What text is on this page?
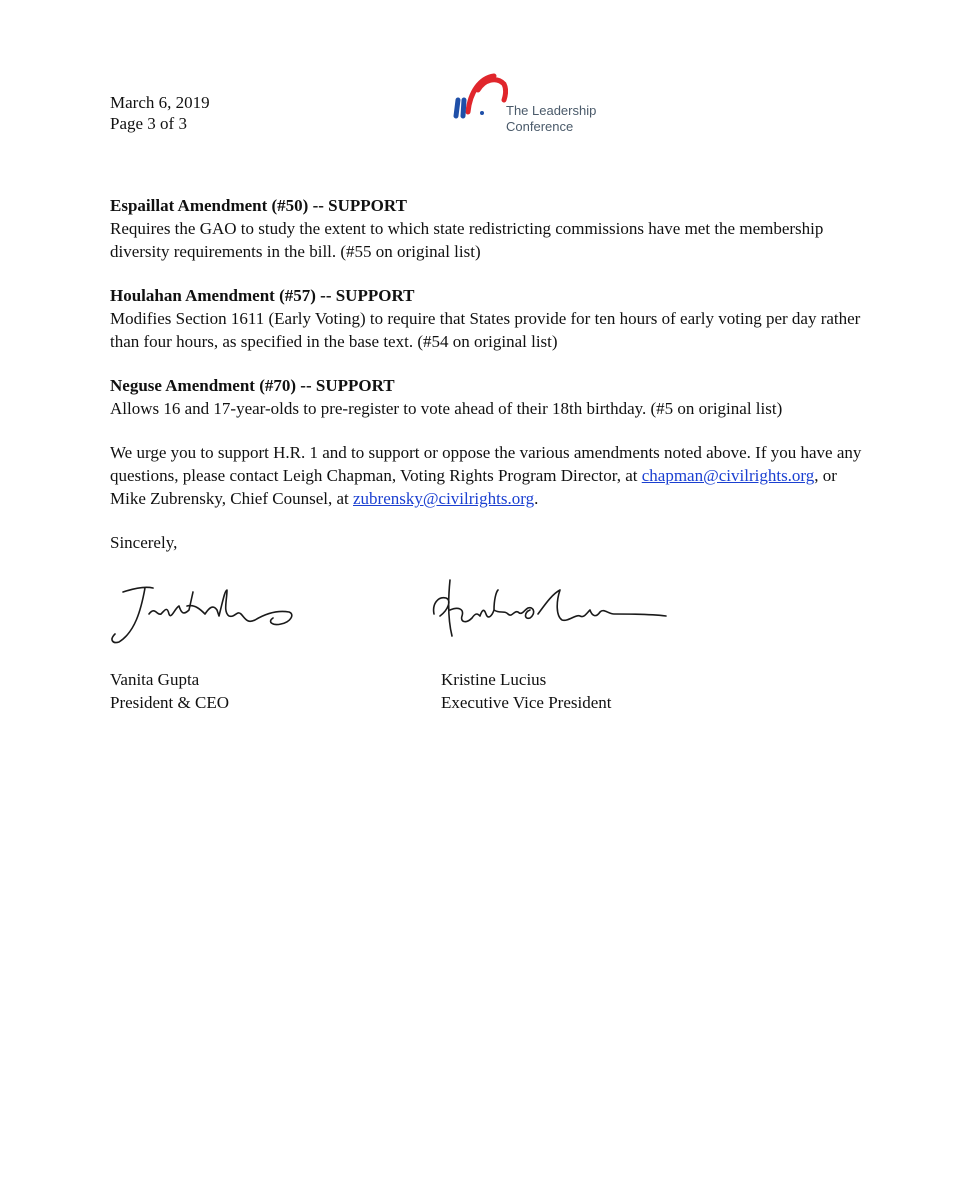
March 6, 2019
Page 3 of 3
The Leadership
Conference
Espaillat Amendment (#50) -- SUPPORT
Requires the GAO to study the extent to which state redistricting commissions have met the membership diversity requirements in the bill. (#55 on original list)
Houlahan Amendment (#57) -- SUPPORT
Modifies Section 1611 (Early Voting) to require that States provide for ten hours of early voting per day rather than four hours, as specified in the base text. (#54 on original list)
Neguse Amendment (#70) -- SUPPORT
Allows 16 and 17-year-olds to pre-register to vote ahead of their 18th birthday. (#5 on original list)
We urge you to support H.R. 1 and to support or oppose the various amendments noted above. If you have any questions, please contact Leigh Chapman, Voting Rights Program Director, at chapman@civilrights.org, or Mike Zubrensky, Chief Counsel, at zubrensky@civilrights.org.
Sincerely,
Vanita Gupta
President & CEO
Kristine Lucius
Executive Vice President
